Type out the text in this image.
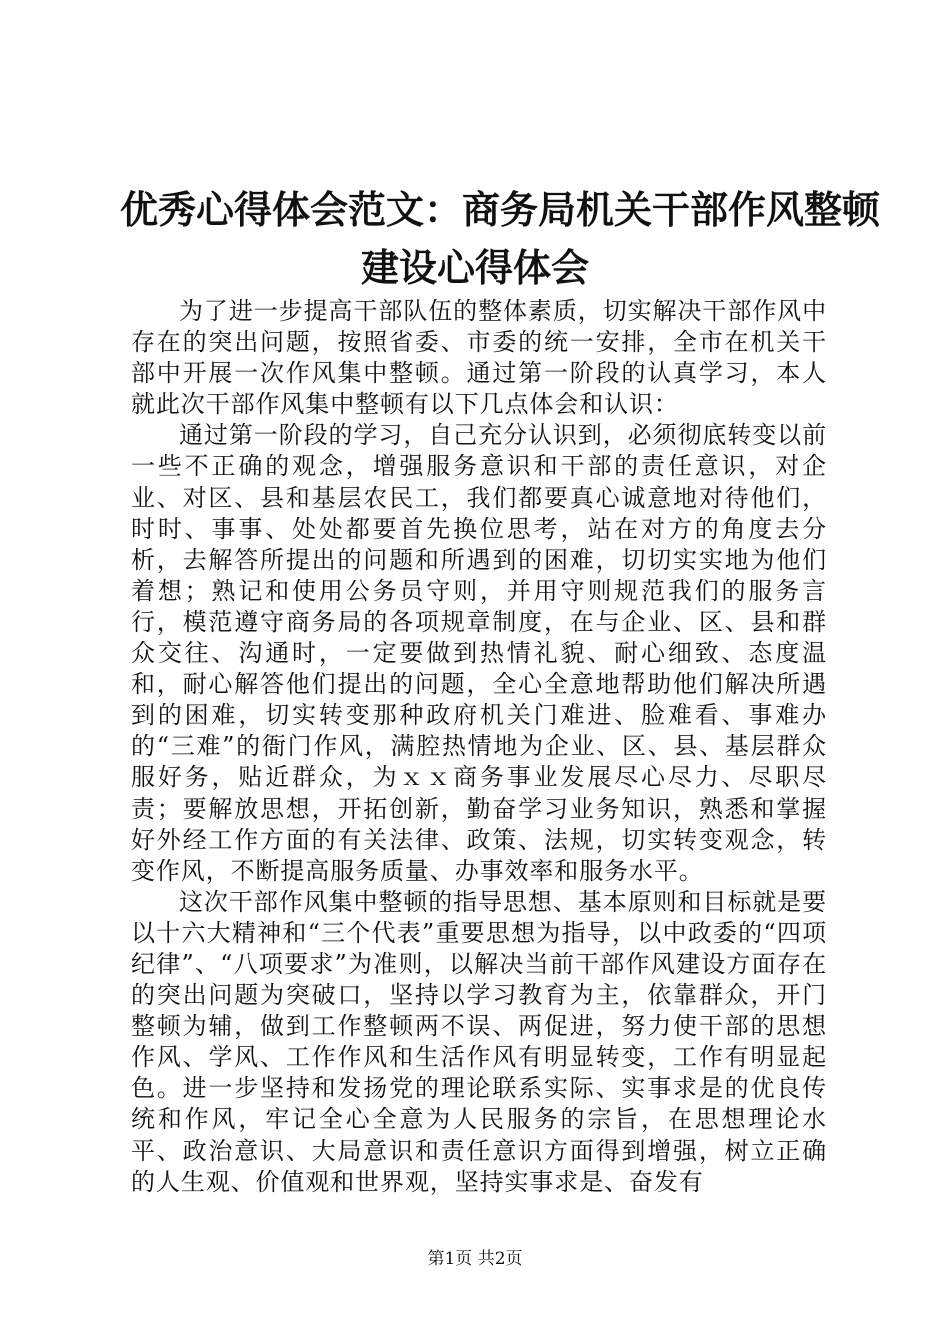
优秀心得体会范文：商务局机关干部作风整顿
建设心得体会

为了进一步提高干部队伍的整体素质，切实解决干部作风中存在的突出问题，按照省委、市委的统一安排，全市在机关干部中开展一次作风集中整顿。通过第一阶段的认真学习，本人就此次干部作风集中整顿有以下几点体会和认识：

通过第一阶段的学习，自己充分认识到，必须彻底转变以前一些不正确的观念，增强服务意识和干部的责任意识，对企业、对区、县和基层农民工，我们都要真心诚意地对待他们，时时、事事、处处都要首先换位思考，站在对方的角度去分析，去解答所提出的问题和所遇到的困难，切切实实地为他们着想；熟记和使用公务员守则，并用守则规范我们的服务言行，模范遵守商务局的各项规章制度，在与企业、区、县和群众交往、沟通时，一定要做到热情礼貌、耐心细致、态度温和，耐心解答他们提出的问题，全心全意地帮助他们解决所遇到的困难，切实转变那种政府机关门难进、脸难看、事难办的“三难”的衙门作风，满腔热情地为企业、区、县、基层群众服好务，贴近群众，为ｘｘ商务事业发展尽心尽力、尽职尽责；要解放思想，开拓创新，勤奋学习业务知识，熟悉和掌握好外经工作方面的有关法律、政策、法规，切实转变观念，转变作风，不断提高服务质量、办事效率和服务水平。

这次干部作风集中整顿的指导思想、基本原则和目标就是要以十六大精神和“三个代表”重要思想为指导，以中政委的“四项纪律”、“八项要求”为准则，以解决当前干部作风建设方面存在的突出问题为突破口，坚持以学习教育为主，依靠群众，开门整顿为辅，做到工作整顿两不误、两促进，努力使干部的思想作风、学风、工作作风和生活作风有明显转变，工作有明显起色。进一步坚持和发扬党的理论联系实际、实事求是的优良传统和作风，牢记全心全意为人民服务的宗旨，在思想理论水平、政治意识、大局意识和责任意识方面得到增强，树立正确的人生观、价值观和世界观，坚持实事求是、奋发有

第1页 共2页
